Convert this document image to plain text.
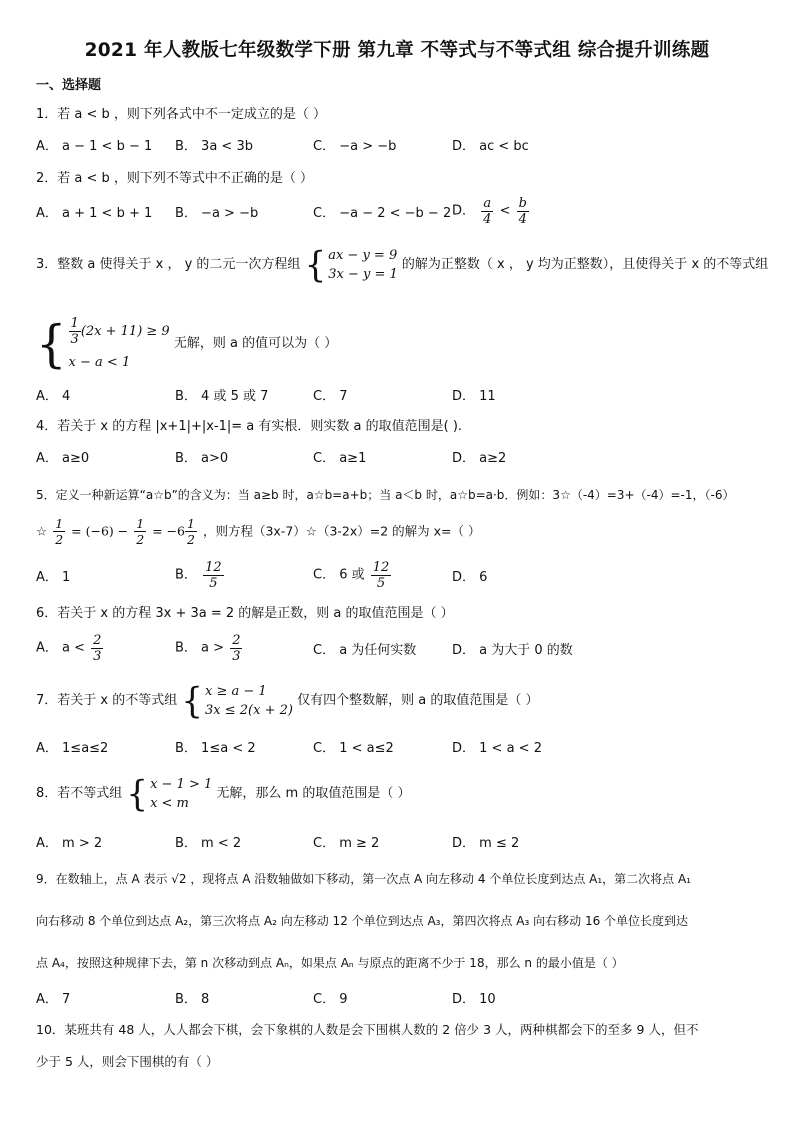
2021 年人教版七年级数学下册 第九章 不等式与不等式组 综合提升训练题
一、选择题
1．若 a < b ，则下列各式中不一定成立的是（ ）
A． a − 1 < b − 1 B． 3a < 3b	C． −a > −b	D． ac < bc
2．若 a < b ，则下列不等式中不正确的是（ ）
A． a + 1 < b + 1 B． −a > −b	C． −a − 2 < −b − 2 D． $\frac{a}{4} < \frac{b}{4}$
3．整数 a 使得关于 x ， y 的二元一次方程组 { ax − y = 9
3x − y = 1
的解为正整数（ x ， y 均为正整数），且使得关于 x 的不等式组
{ $\frac{1}{3} (2x + 11) \ge 9$
x − a < 1
无解，则 a 的值可以为（ ）
A． 4	B． 4 或 5 或 7	C． 7	D． 11
4．若关于 x 的方程 |x+1|+|x-1|= a 有实根．则实数 a 的取值范围是( ).
A． a≥0	B． a>0	C． a≥1	D． a≥2
5．定义一种新运算“a☆b”的含义为：当 a≥b 时，a☆b=a+b；当 a＜b 时，a☆b=a·b．例如：3☆（-4）=3+（-4）=-1，（-6）
☆ $\frac{1}{2} = (-6) - \frac{1}{2} = -6 \frac{1}{2}$ ，则方程（3x-7）☆（3-2x）=2 的解为 x=（ ）
A． 1	B． $\frac{12}{5}$	C． 6 或 $\frac{12}{5}$	D． 6
6．若关于 x 的方程 3x + 3a = 2 的解是正数，则 a 的取值范围是（ ）
A． $a < \frac{2}{3}$	B． $a > \frac{2}{3}$	C． a 为任何实数	D． a 为大于 0 的数
7．若关于 x 的不等式组 { x ≥ a − 1
3x ≤ 2(x + 2)
仅有四个整数解，则 a 的取值范围是（ ）
A． 1≤a≤2	B． 1≤a < 2	C． 1 < a≤2	D． 1 < a < 2
8．若不等式组 { x − 1 > 1
x < m
无解，那么 m 的取值范围是（ ）
A． m > 2	B． m < 2	C． m ≥ 2	D． m ≤ 2
9．在数轴上，点 A 表示 √2 ，现将点 A 沿数轴做如下移动，第一次点 A 向左移动 4 个单位长度到达点 A₁，第二次将点 A₁
向右移动 8 个单位到达点 A₂，第三次将点 A₂ 向左移动 12 个单位到达点 A₃，第四次将点 A₃ 向右移动 16 个单位长度到达
点 A₄，按照这种规律下去，第 n 次移动到点 Aₙ，如果点 Aₙ 与原点的距离不少于 18，那么 n 的最小值是（ ）
A． 7	B． 8	C． 9	D． 10
10．某班共有 48 人，人人都会下棋，会下象棋的人数是会下围棋人数的 2 倍少 3 人，两种棋都会下的至多 9 人，但不
少于 5 人，则会下围棋的有（ ）
